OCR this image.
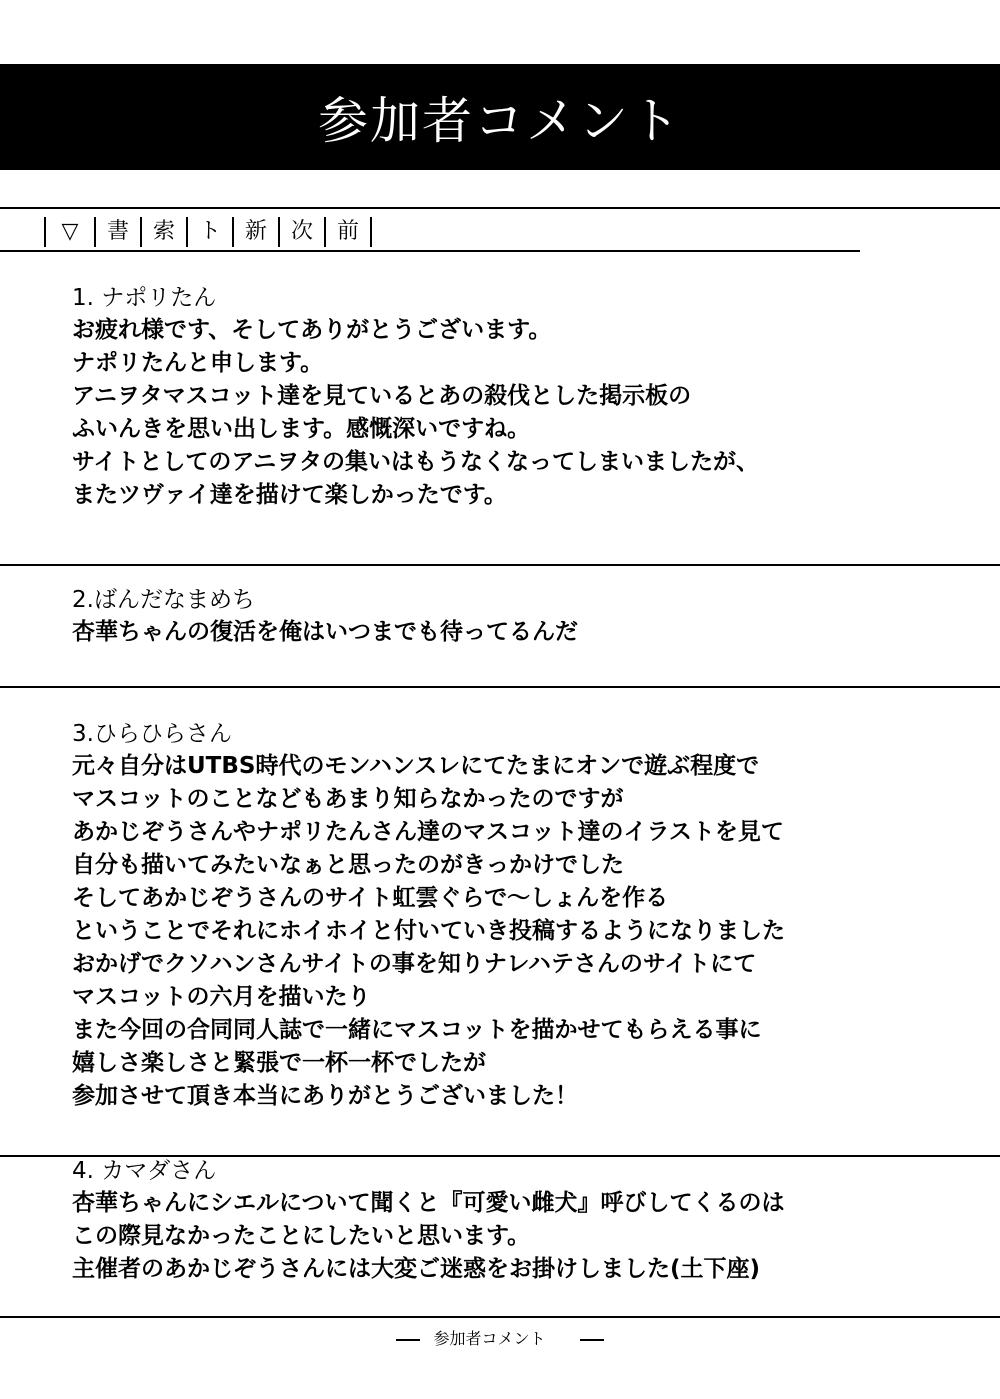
参加者コメント
▽	書	索	ト	新	次	前
1. ナポリたん
お疲れ様です、そしてありがとうございます。
ナポリたんと申します。
アニヲタマスコット達を見ているとあの殺伐とした掲示板の
ふいんきを思い出します。感慨深いですね。
サイトとしてのアニヲタの集いはもうなくなってしまいましたが、
またツヴァイ達を描けて楽しかったです。
2.ばんだなまめち
杏華ちゃんの復活を俺はいつまでも待ってるんだ
3.ひらひらさん
元々自分はUTBS時代のモンハンスレにてたまにオンで遊ぶ程度で
マスコットのことなどもあまり知らなかったのですが
あかじぞうさんやナポリたんさん達のマスコット達のイラストを見て
自分も描いてみたいなぁと思ったのがきっかけでした
そしてあかじぞうさんのサイト虹雲ぐらで～しょんを作る
ということでそれにホイホイと付いていき投稿するようになりました
おかげでクソハンさんサイトの事を知りナレハテさんのサイトにて
マスコットの六月を描いたり
また今回の合同同人誌で一緒にマスコットを描かせてもらえる事に
嬉しさ楽しさと緊張で一杯一杯でしたが
参加させて頂き本当にありがとうございました！
4. カマダさん
杏華ちゃんにシエルについて聞くと『可愛い雌犬』呼びしてくるのは
この際見なかったことにしたいと思います。
主催者のあかじぞうさんには大変ご迷惑をお掛けしました(土下座)
参加者コメント
